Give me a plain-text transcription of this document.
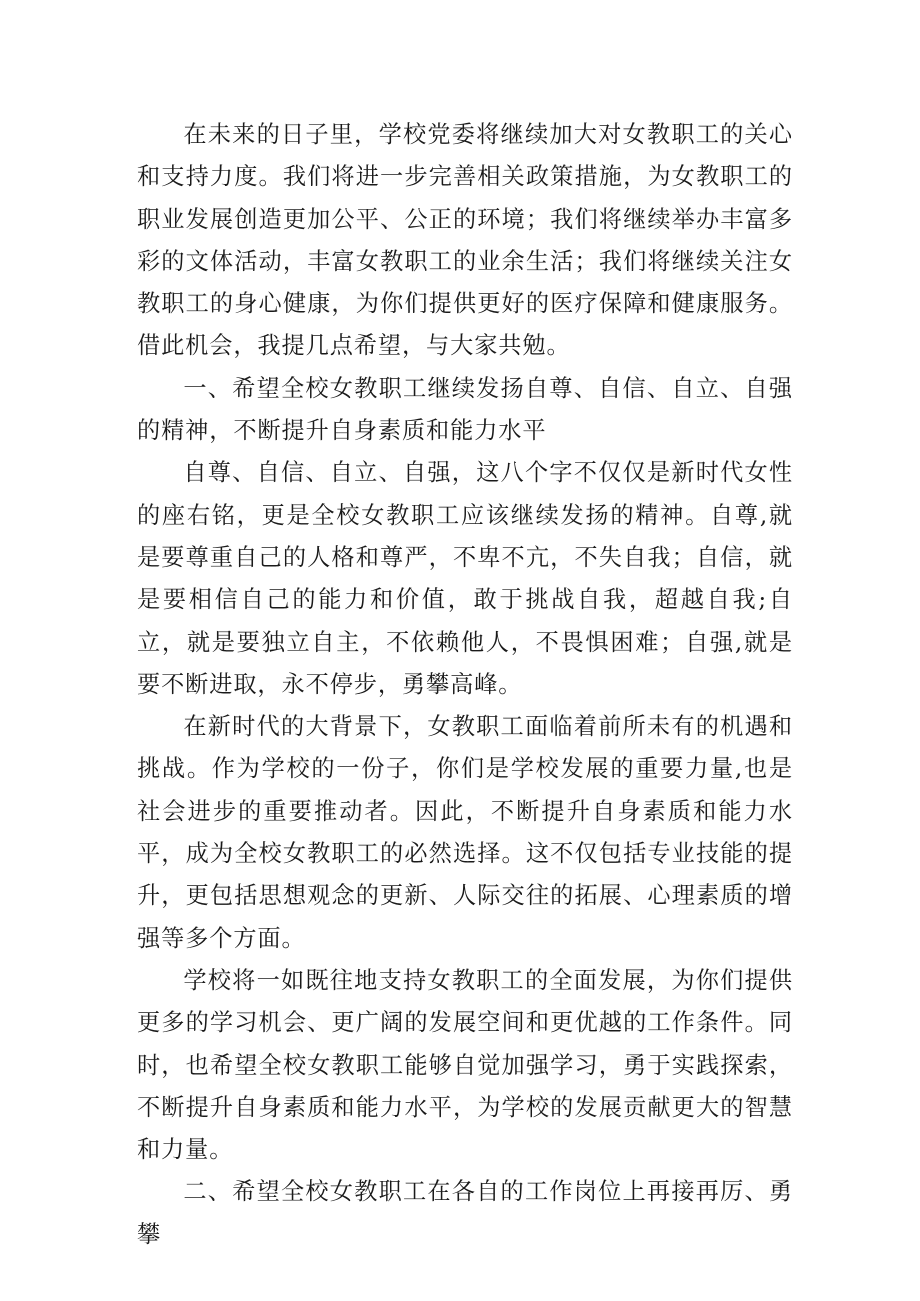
在未来的日子里，学校党委将继续加大对女教职工的关心和支持力度。我们将进一步完善相关政策措施，为女教职工的职业发展创造更加公平、公正的环境；我们将继续举办丰富多彩的文体活动，丰富女教职工的业余生活；我们将继续关注女教职工的身心健康，为你们提供更好的医疗保障和健康服务。借此机会，我提几点希望，与大家共勉。

一、希望全校女教职工继续发扬自尊、自信、自立、自强的精神，不断提升自身素质和能力水平

自尊、自信、自立、自强，这八个字不仅仅是新时代女性的座右铭，更是全校女教职工应该继续发扬的精神。自尊,就是要尊重自己的人格和尊严，不卑不亢，不失自我；自信，就是要相信自己的能力和价值，敢于挑战自我，超越自我;自立，就是要独立自主，不依赖他人，不畏惧困难；自强,就是要不断进取，永不停步，勇攀高峰。

在新时代的大背景下，女教职工面临着前所未有的机遇和挑战。作为学校的一份子，你们是学校发展的重要力量,也是社会进步的重要推动者。因此，不断提升自身素质和能力水平，成为全校女教职工的必然选择。这不仅包括专业技能的提升，更包括思想观念的更新、人际交往的拓展、心理素质的增强等多个方面。

学校将一如既往地支持女教职工的全面发展，为你们提供更多的学习机会、更广阔的发展空间和更优越的工作条件。同时，也希望全校女教职工能够自觉加强学习，勇于实践探索，不断提升自身素质和能力水平，为学校的发展贡献更大的智慧和力量。

二、希望全校女教职工在各自的工作岗位上再接再厉、勇攀
